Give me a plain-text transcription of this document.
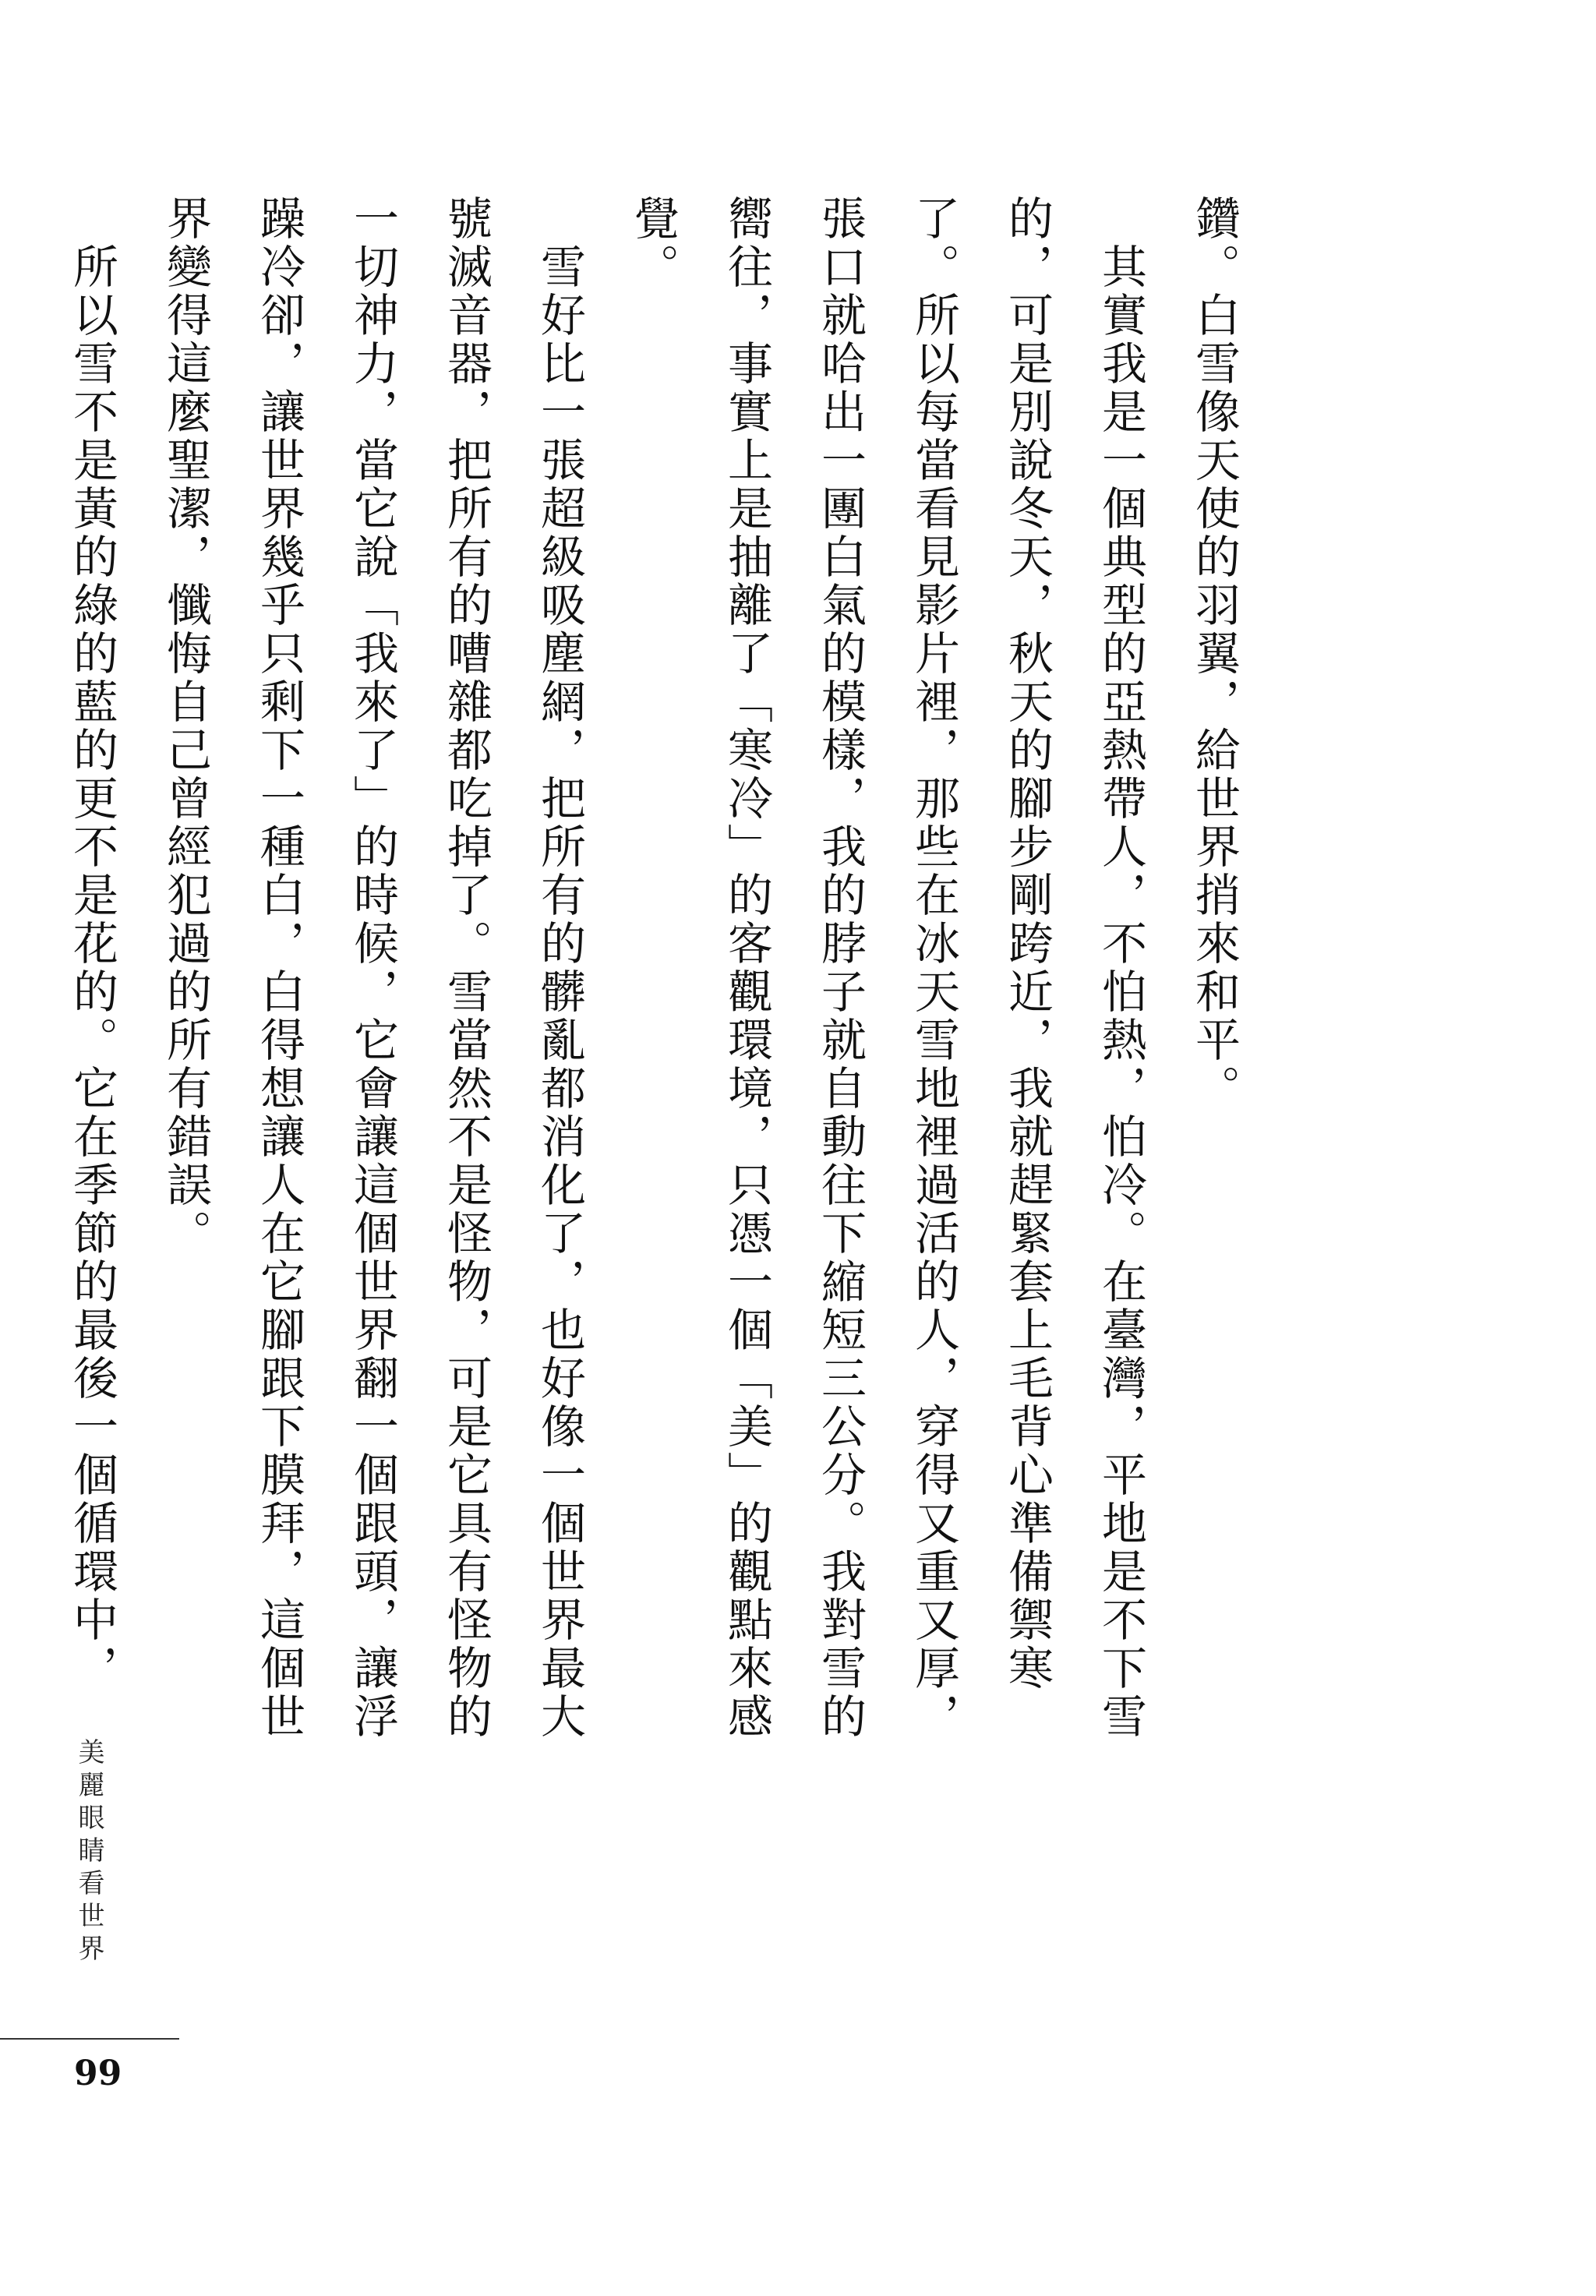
鑽。白雪像天使的羽翼，給世界捎來和平。

其實我是一個典型的亞熱帶人，不怕熱，怕冷。在臺灣，平地是不下雪的，可是別說冬天，秋天的腳步剛跨近，我就趕緊套上毛背心準備禦寒了。所以每當看見影片裡，那些在冰天雪地裡過活的人，穿得又重又厚，張口就哈出一團白氣的模樣，我的脖子就自動往下縮短三公分。我對雪的嚮往，事實上是抽離了「寒冷」的客觀環境，只憑一個「美」的觀點來感覺。

雪好比一張超級吸塵網，把所有的髒亂都消化了，也好像一個世界最大號滅音器，把所有的嘈雜都吃掉了。雪當然不是怪物，可是它具有怪物的一切神力，當它說「我來了」的時候，它會讓這個世界翻一個跟頭，讓浮躁冷卻，讓世界幾乎只剩下一種白，白得想讓人在它腳跟下膜拜，這個世界變得這麼聖潔，懺悔自己曾經犯過的所有錯誤。

所以雪不是黃的綠的藍的更不是花的。它在季節的最後一個循環中，

美麗眼睛看世界
99
